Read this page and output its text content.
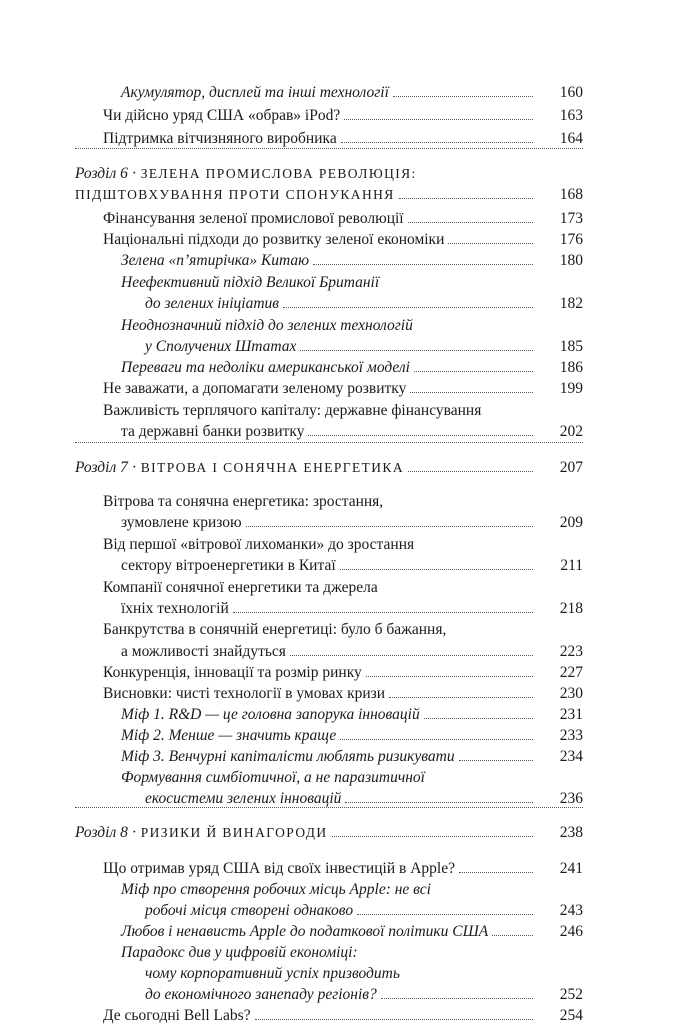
Акумулятор, дисплей та інші технології	160
Чи дійсно уряд США «обрав» iPod?	163
Підтримка вітчизняного виробника	164
Розділ 6 · ЗЕЛЕНА ПРОМИСЛОВА РЕВОЛЮЦІЯ:
ПІДШТОВХУВАННЯ ПРОТИ СПОНУКАННЯ	168
Фінансування зеленої промислової революції	173
Національні підходи до розвитку зеленої економіки	176
Зелена «п’ятирічка» Китаю	180
Неефективний підхід Великої Британії
до зелених ініціатив	182
Неоднозначний підхід до зелених технологій
у Сполучених Штатах	185
Переваги та недоліки американської моделі	186
Не заважати, а допомагати зеленому розвитку	199
Важливість терплячого капіталу: державне фінансування
та державні банки розвитку	202
Розділ 7 · ВІТРОВА І СОНЯЧНА ЕНЕРГЕТИКА	207
Вітрова та сонячна енергетика: зростання,
зумовлене кризою	209
Від першої «вітрової лихоманки» до зростання
сектору вітроенергетики в Китаї	211
Компанії сонячної енергетики та джерела
їхніх технологій	218
Банкрутства в сонячній енергетиці: було б бажання,
а можливості знайдуться	223
Конкуренція, інновації та розмір ринку	227
Висновки: чисті технології в умовах кризи	230
Міф 1. R&D — це головна запорука інновацій	231
Міф 2. Менше — значить краще	233
Міф 3. Венчурні капіталісти люблять ризикувати	234
Формування симбіотичної, а не паразитичної
екосистеми зелених інновацій	236
Розділ 8 · РИЗИКИ Й ВИНАГОРОДИ	238
Що отримав уряд США від своїх інвестицій в Apple?	241
Міф про створення робочих місць Apple: не всі
робочі місця створені однаково	243
Любов і ненависть Apple до податкової політики США	246
Парадокс див у цифровій економіці:
чому корпоративний успіх призводить
до економічного занепаду регіонів?	252
Де сьогодні Bell Labs?	254
